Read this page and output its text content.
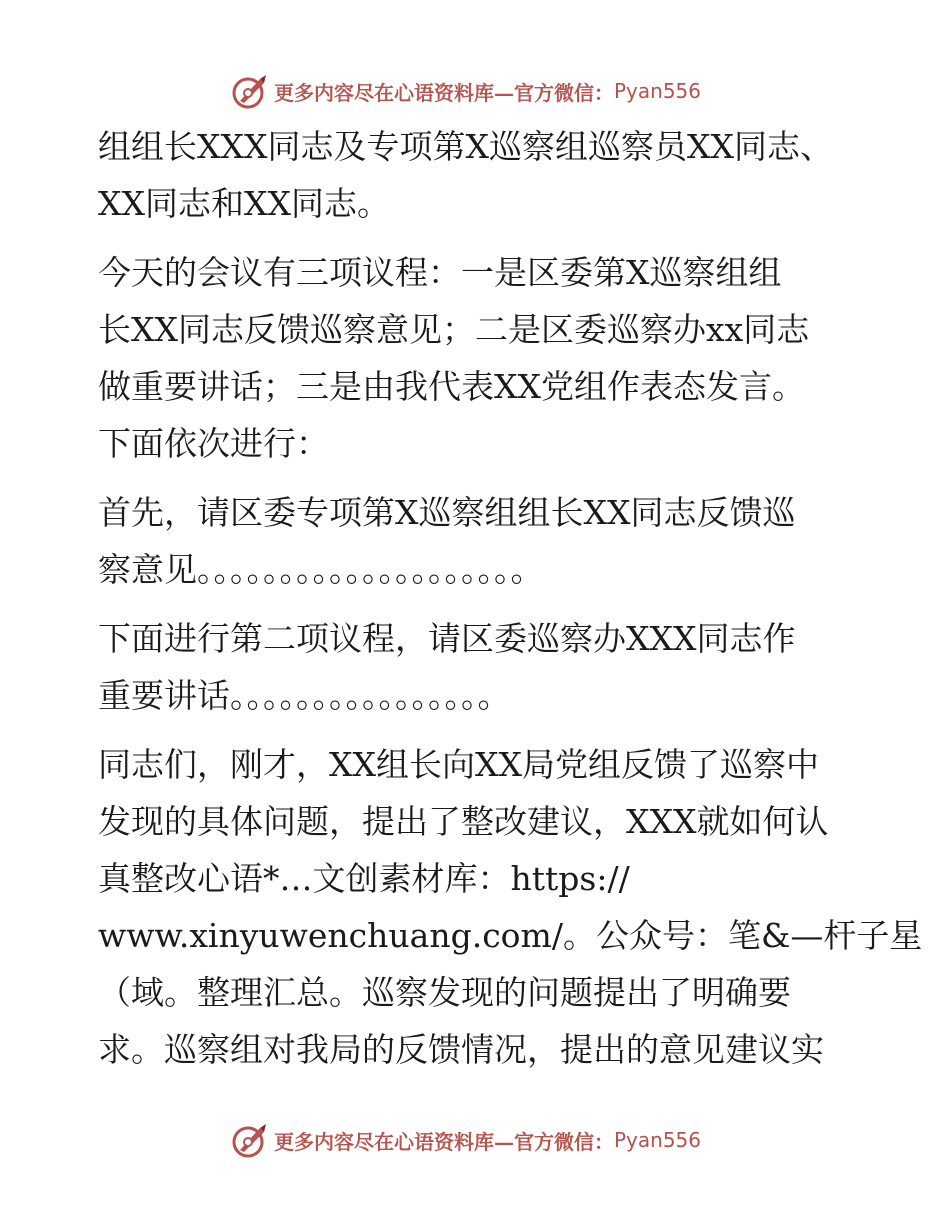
更多内容尽在心语资料库—官方微信： Pyan556

组组长XXX同志及专项第X巡察组巡察员XX同志、
XX同志和XX同志。

今天的会议有三项议程：一是区委第X巡察组组
长XX同志反馈巡察意见；二是区委巡察办xx同志
做重要讲话；三是由我代表XX党组作表态发言。
下面依次进行：

首先，请区委专项第X巡察组组长XX同志反馈巡
察意见。。。。。。。。。。。。。。。。。。。。

下面进行第二项议程，请区委巡察办XXX同志作
重要讲话。。。。。。。。。。。。。。。。

同志们，刚才，XX组长向XX局党组反馈了巡察中
发现的具体问题，提出了整改建议，XXX就如何认
真整改心语*…文创素材库：https://
www.xinyuwenchuang.com/。公众号：笔&—杆子星
（域。整理汇总。巡察发现的问题提出了明确要
求。巡察组对我局的反馈情况，提出的意见建议实

更多内容尽在心语资料库—官方微信： Pyan556
